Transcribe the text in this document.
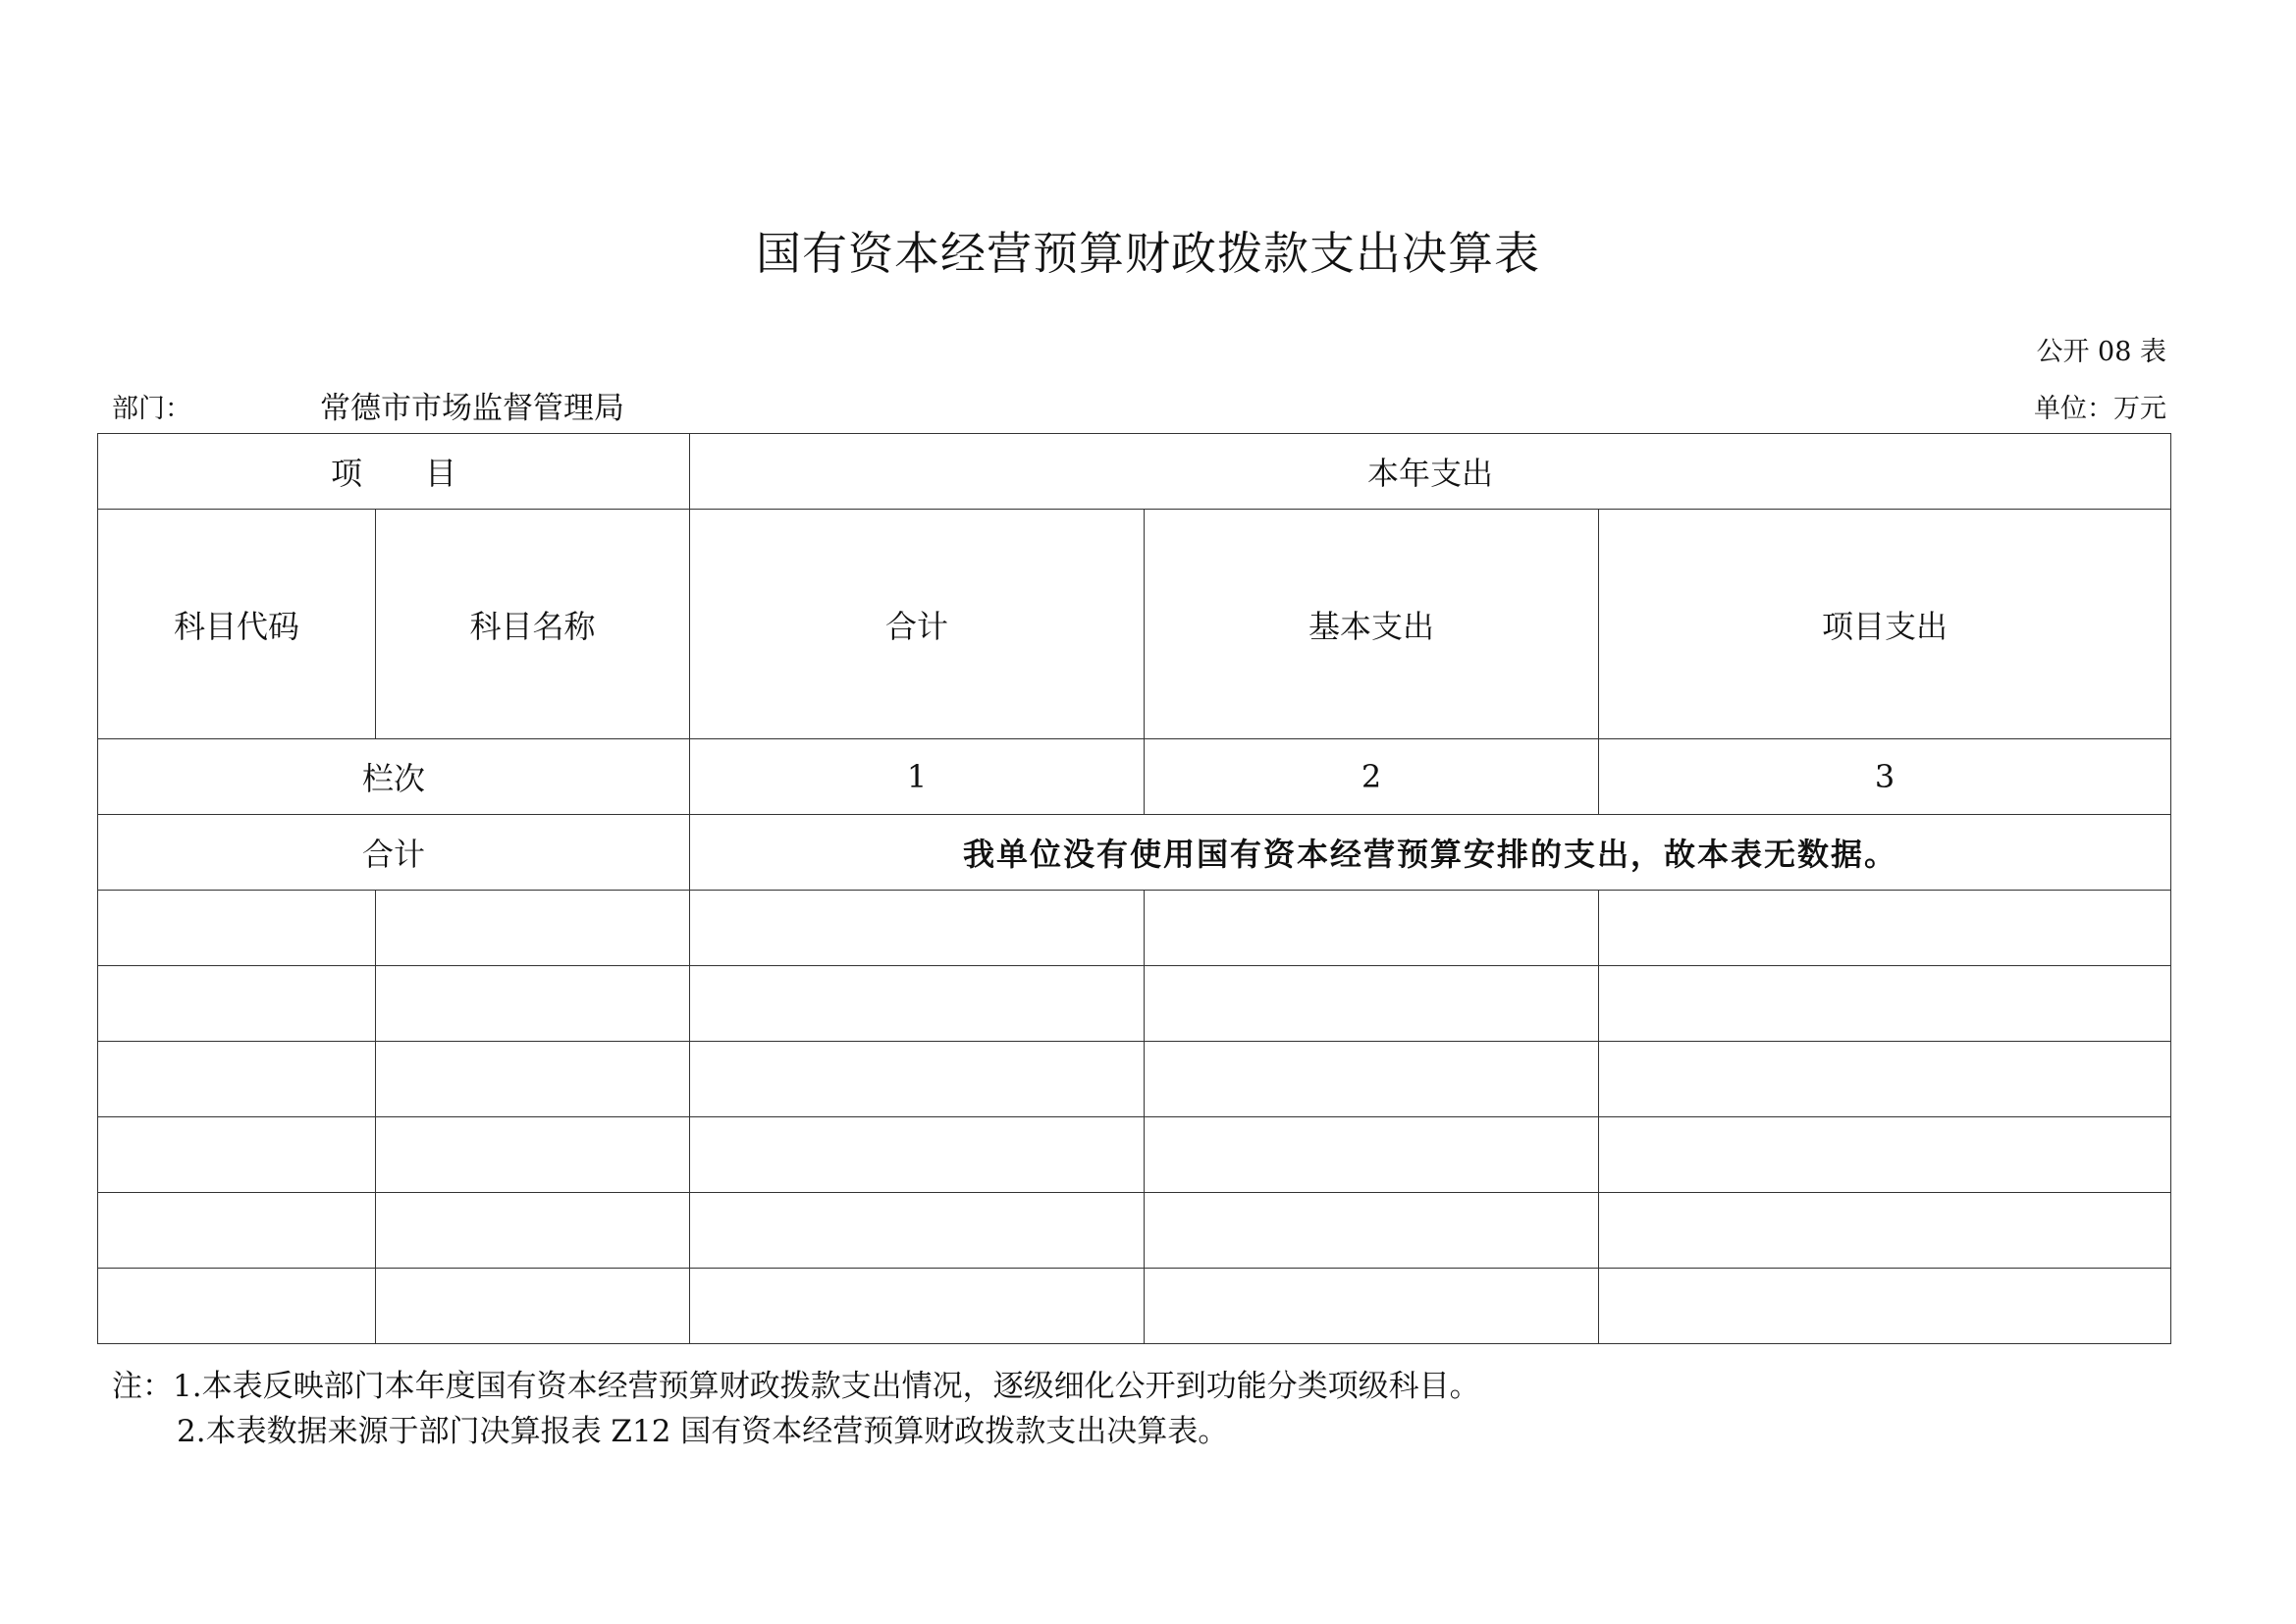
国有资本经营预算财政拨款支出决算表
公开 08 表
部门：	常德市市场监督管理局	单位：万元
项　　目		本年支出		
科目代码	科目名称	合计	基本支出	项目支出
栏次		1	2	3
合计		我单位没有使用国有资本经营预算安排的支出，故本表无数据。		

注：1.本表反映部门本年度国有资本经营预算财政拨款支出情况，逐级细化公开到功能分类项级科目。
2.本表数据来源于部门决算报表 Z12 国有资本经营预算财政拨款支出决算表。
